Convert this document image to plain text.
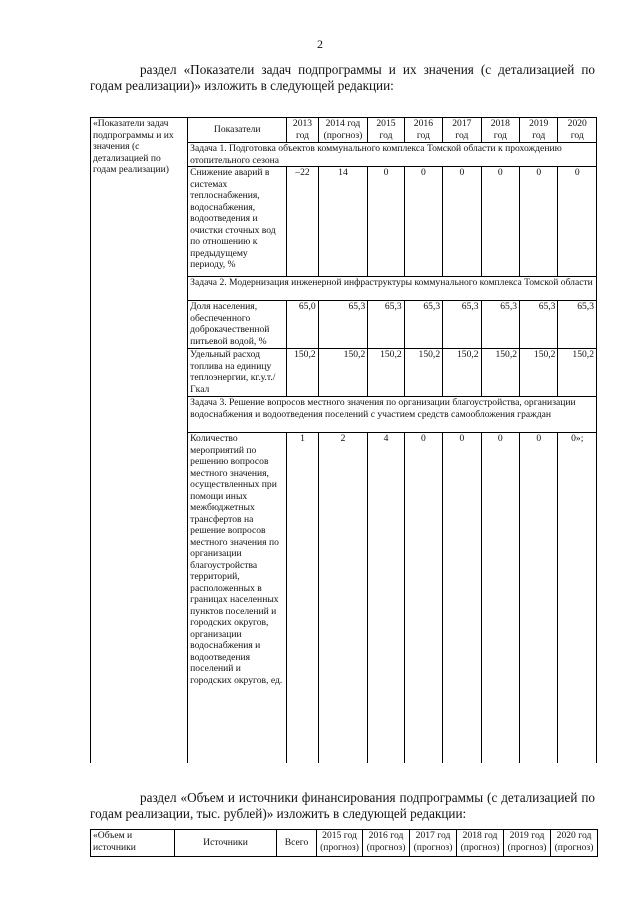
2

раздел «Показатели задач подпрограммы и их значения (с детализацией по годам реализации)» изложить в следующей редакции:

«Показатели задач подпрограммы и их значения (с детализацией по годам реализации)	Показатели	2013 год	2014 год (прогноз)	2015 год	2016 год	2017 год	2018 год	2019 год	2020 год
	Задача 1. Подготовка объектов коммунального комплекса Томской области к прохождению отопительного сезона								
	Снижение аварий в системах теплоснабжения, водоснабжения, водоотведения и очистки сточных вод по отношению к предыдущему периоду, %	–22	14	0	0	0	0	0	0
	Задача 2. Модернизация инженерной инфраструктуры коммунального комплекса Томской области								
	Доля населения, обеспеченного доброкачественной питьевой водой, %	65,0	65,3	65,3	65,3	65,3	65,3	65,3	65,3
	Удельный расход топлива на единицу теплоэнергии, кг.у.т./Гкал	150,2	150,2	150,2	150,2	150,2	150,2	150,2	150,2
	Задача 3. Решение вопросов местного значения по организации благоустройства, организации водоснабжения и водоотведения поселений с участием средств самообложения граждан								
	Количество мероприятий по решению вопросов местного значения, осуществленных при помощи иных межбюджетных трансфертов на решение вопросов местного значения по организации благоустройства территорий, расположенных в границах населенных пунктов поселений и городских округов, организации водоснабжения и водоотведения поселений и городских округов, ед.	1	2	4	0	0	0	0	0»;

раздел «Объем и источники финансирования подпрограммы (с детализацией по годам реализации, тыс. рублей)» изложить в следующей редакции:

«Объем и источники	Источники	Всего	2015 год (прогноз)	2016 год (прогноз)	2017 год (прогноз)	2018 год (прогноз)	2019 год (прогноз)	2020 год (прогноз)
